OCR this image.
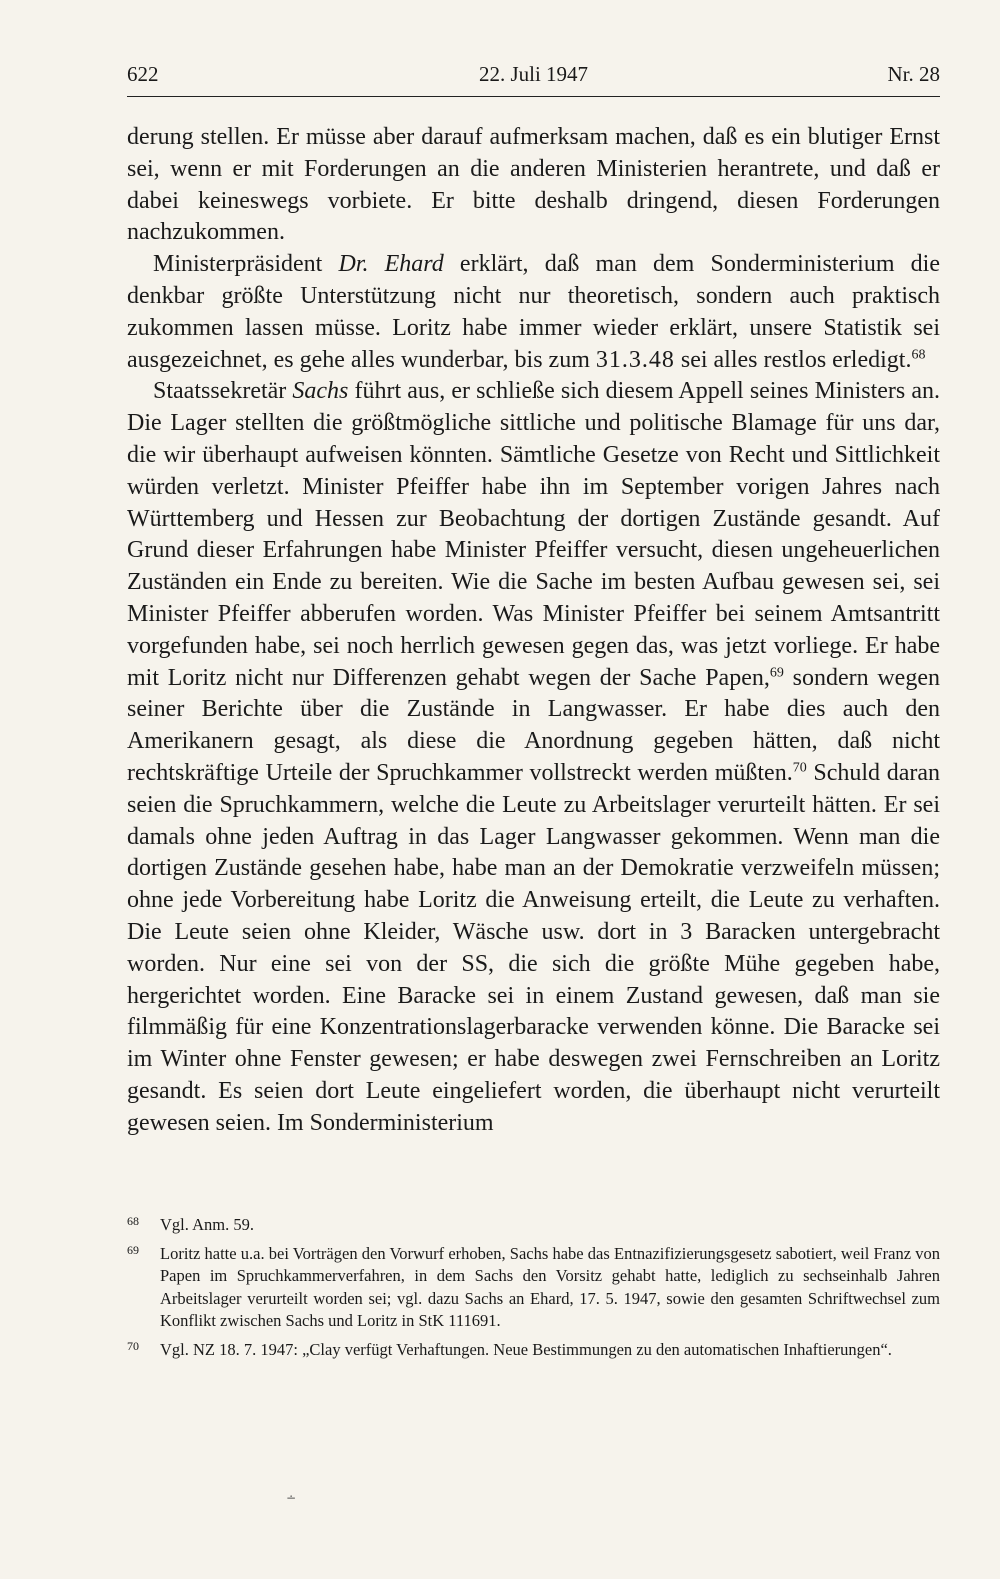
622	22. Juli 1947	Nr. 28

derung stellen. Er müsse aber darauf aufmerksam machen, daß es ein blutiger Ernst sei, wenn er mit Forderungen an die anderen Ministerien herantrete, und daß er dabei keineswegs vorbiete. Er bitte deshalb dringend, diesen Forderungen nachzukommen.

Ministerpräsident Dr. Ehard erklärt, daß man dem Sonderministerium die denkbar größte Unterstützung nicht nur theoretisch, sondern auch praktisch zukommen lassen müsse. Loritz habe immer wieder erklärt, unsere Statistik sei ausgezeichnet, es gehe alles wunderbar, bis zum 31.3.48 sei alles restlos erledigt.$^{68}$

Staatssekretär Sachs führt aus, er schließe sich diesem Appell seines Ministers an. Die Lager stellten die größtmögliche sittliche und politische Blamage für uns dar, die wir überhaupt aufweisen könnten. Sämtliche Gesetze von Recht und Sittlichkeit würden verletzt. Minister Pfeiffer habe ihn im September vorigen Jahres nach Württemberg und Hessen zur Beobachtung der dortigen Zustände gesandt. Auf Grund dieser Erfahrungen habe Minister Pfeiffer versucht, diesen ungeheuerlichen Zuständen ein Ende zu bereiten. Wie die Sache im besten Aufbau gewesen sei, sei Minister Pfeiffer abberufen worden. Was Minister Pfeiffer bei seinem Amtsantritt vorgefunden habe, sei noch herrlich gewesen gegen das, was jetzt vorliege. Er habe mit Loritz nicht nur Differenzen gehabt wegen der Sache Papen,$^{69}$ sondern wegen seiner Berichte über die Zustände in Langwasser. Er habe dies auch den Amerikanern gesagt, als diese die Anordnung gegeben hätten, daß nicht rechtskräftige Urteile der Spruchkammer vollstreckt werden müßten.$^{70}$ Schuld daran seien die Spruchkammern, welche die Leute zu Arbeitslager verurteilt hätten. Er sei damals ohne jeden Auftrag in das Lager Langwasser gekommen. Wenn man die dortigen Zustände gesehen habe, habe man an der Demokratie verzweifeln müssen; ohne jede Vorbereitung habe Loritz die Anweisung erteilt, die Leute zu verhaften. Die Leute seien ohne Kleider, Wäsche usw. dort in 3 Baracken untergebracht worden. Nur eine sei von der SS, die sich die größte Mühe gegeben habe, hergerichtet worden. Eine Baracke sei in einem Zustand gewesen, daß man sie filmmäßig für eine Konzentrationslagerbaracke verwenden könne. Die Baracke sei im Winter ohne Fenster gewesen; er habe deswegen zwei Fernschreiben an Loritz gesandt. Es seien dort Leute eingeliefert worden, die überhaupt nicht verurteilt gewesen seien. Im Sonderministerium

68 Vgl. Anm. 59.
69 Loritz hatte u.a. bei Vorträgen den Vorwurf erhoben, Sachs habe das Entnazifizierungsgesetz sabotiert, weil Franz von Papen im Spruchkammerverfahren, in dem Sachs den Vorsitz gehabt hatte, lediglich zu sechseinhalb Jahren Arbeitslager verurteilt worden sei; vgl. dazu Sachs an Ehard, 17. 5. 1947, sowie den gesamten Schriftwechsel zum Konflikt zwischen Sachs und Loritz in StK 111691.
70 Vgl. NZ 18. 7. 1947: „Clay verfügt Verhaftungen. Neue Bestimmungen zu den automatischen Inhaftierungen“.
∸
